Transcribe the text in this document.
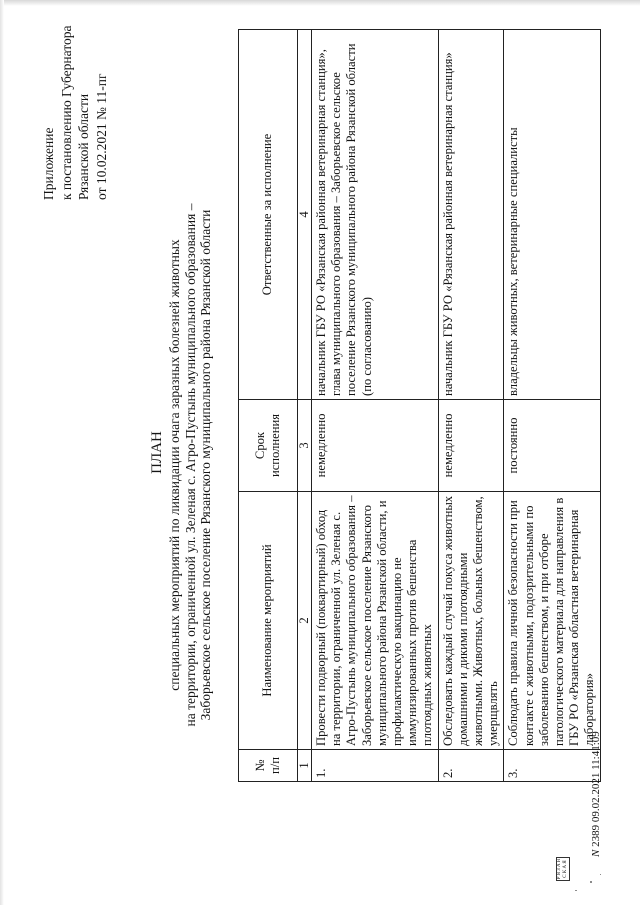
Приложение к постановлению Губернатора Рязанской области от 10.02.2021 № 11-пг
ПЛАН специальных мероприятий по ликвидации очага заразных болезней животных на территории, ограниченной ул. Зеленая с. Агро-Пустынь муниципального образования – Заборьевское сельское поселение Рязанского муниципального района Рязанской области
№ п/п	Наименование мероприятий	Срок исполнения	Ответственные за исполнение
1	2	3	4
1.	Провести подворный (поквартирный) обход на территории, ограниченной ул. Зеленая с. Агро-Пустынь муниципального образования – Заборьевское сельское поселение Рязанского муниципального района Рязанской области, и профилактическую вакцинацию не иммунизированных против бешенства плотоядных животных	немедленно	начальник ГБУ РО «Рязанская районная ветеринарная станция», глава муниципального образования – Заборьевское сельское поселение Рязанского муниципального района Рязанской области (по согласованию)
2.	Обследовать каждый случай покуса животных домашними и дикими плотоядными животными. Животных, больных бешенством, умерщвлять	немедленно	начальник ГБУ РО «Рязанская районная ветеринарная станция»
3.	Соблюдать правила личной безопасности при контакте с животными, подозрительными по заболеванию бешенством, и при отборе патологического материала для направления в ГБУ РО «Рязанская областная ветеринарная лаборатория»	постоянно	владельцы животных, ветеринарные специалисты
Р Я З А Н С К А Я
N 2389 09.02.2021 11:41:09
